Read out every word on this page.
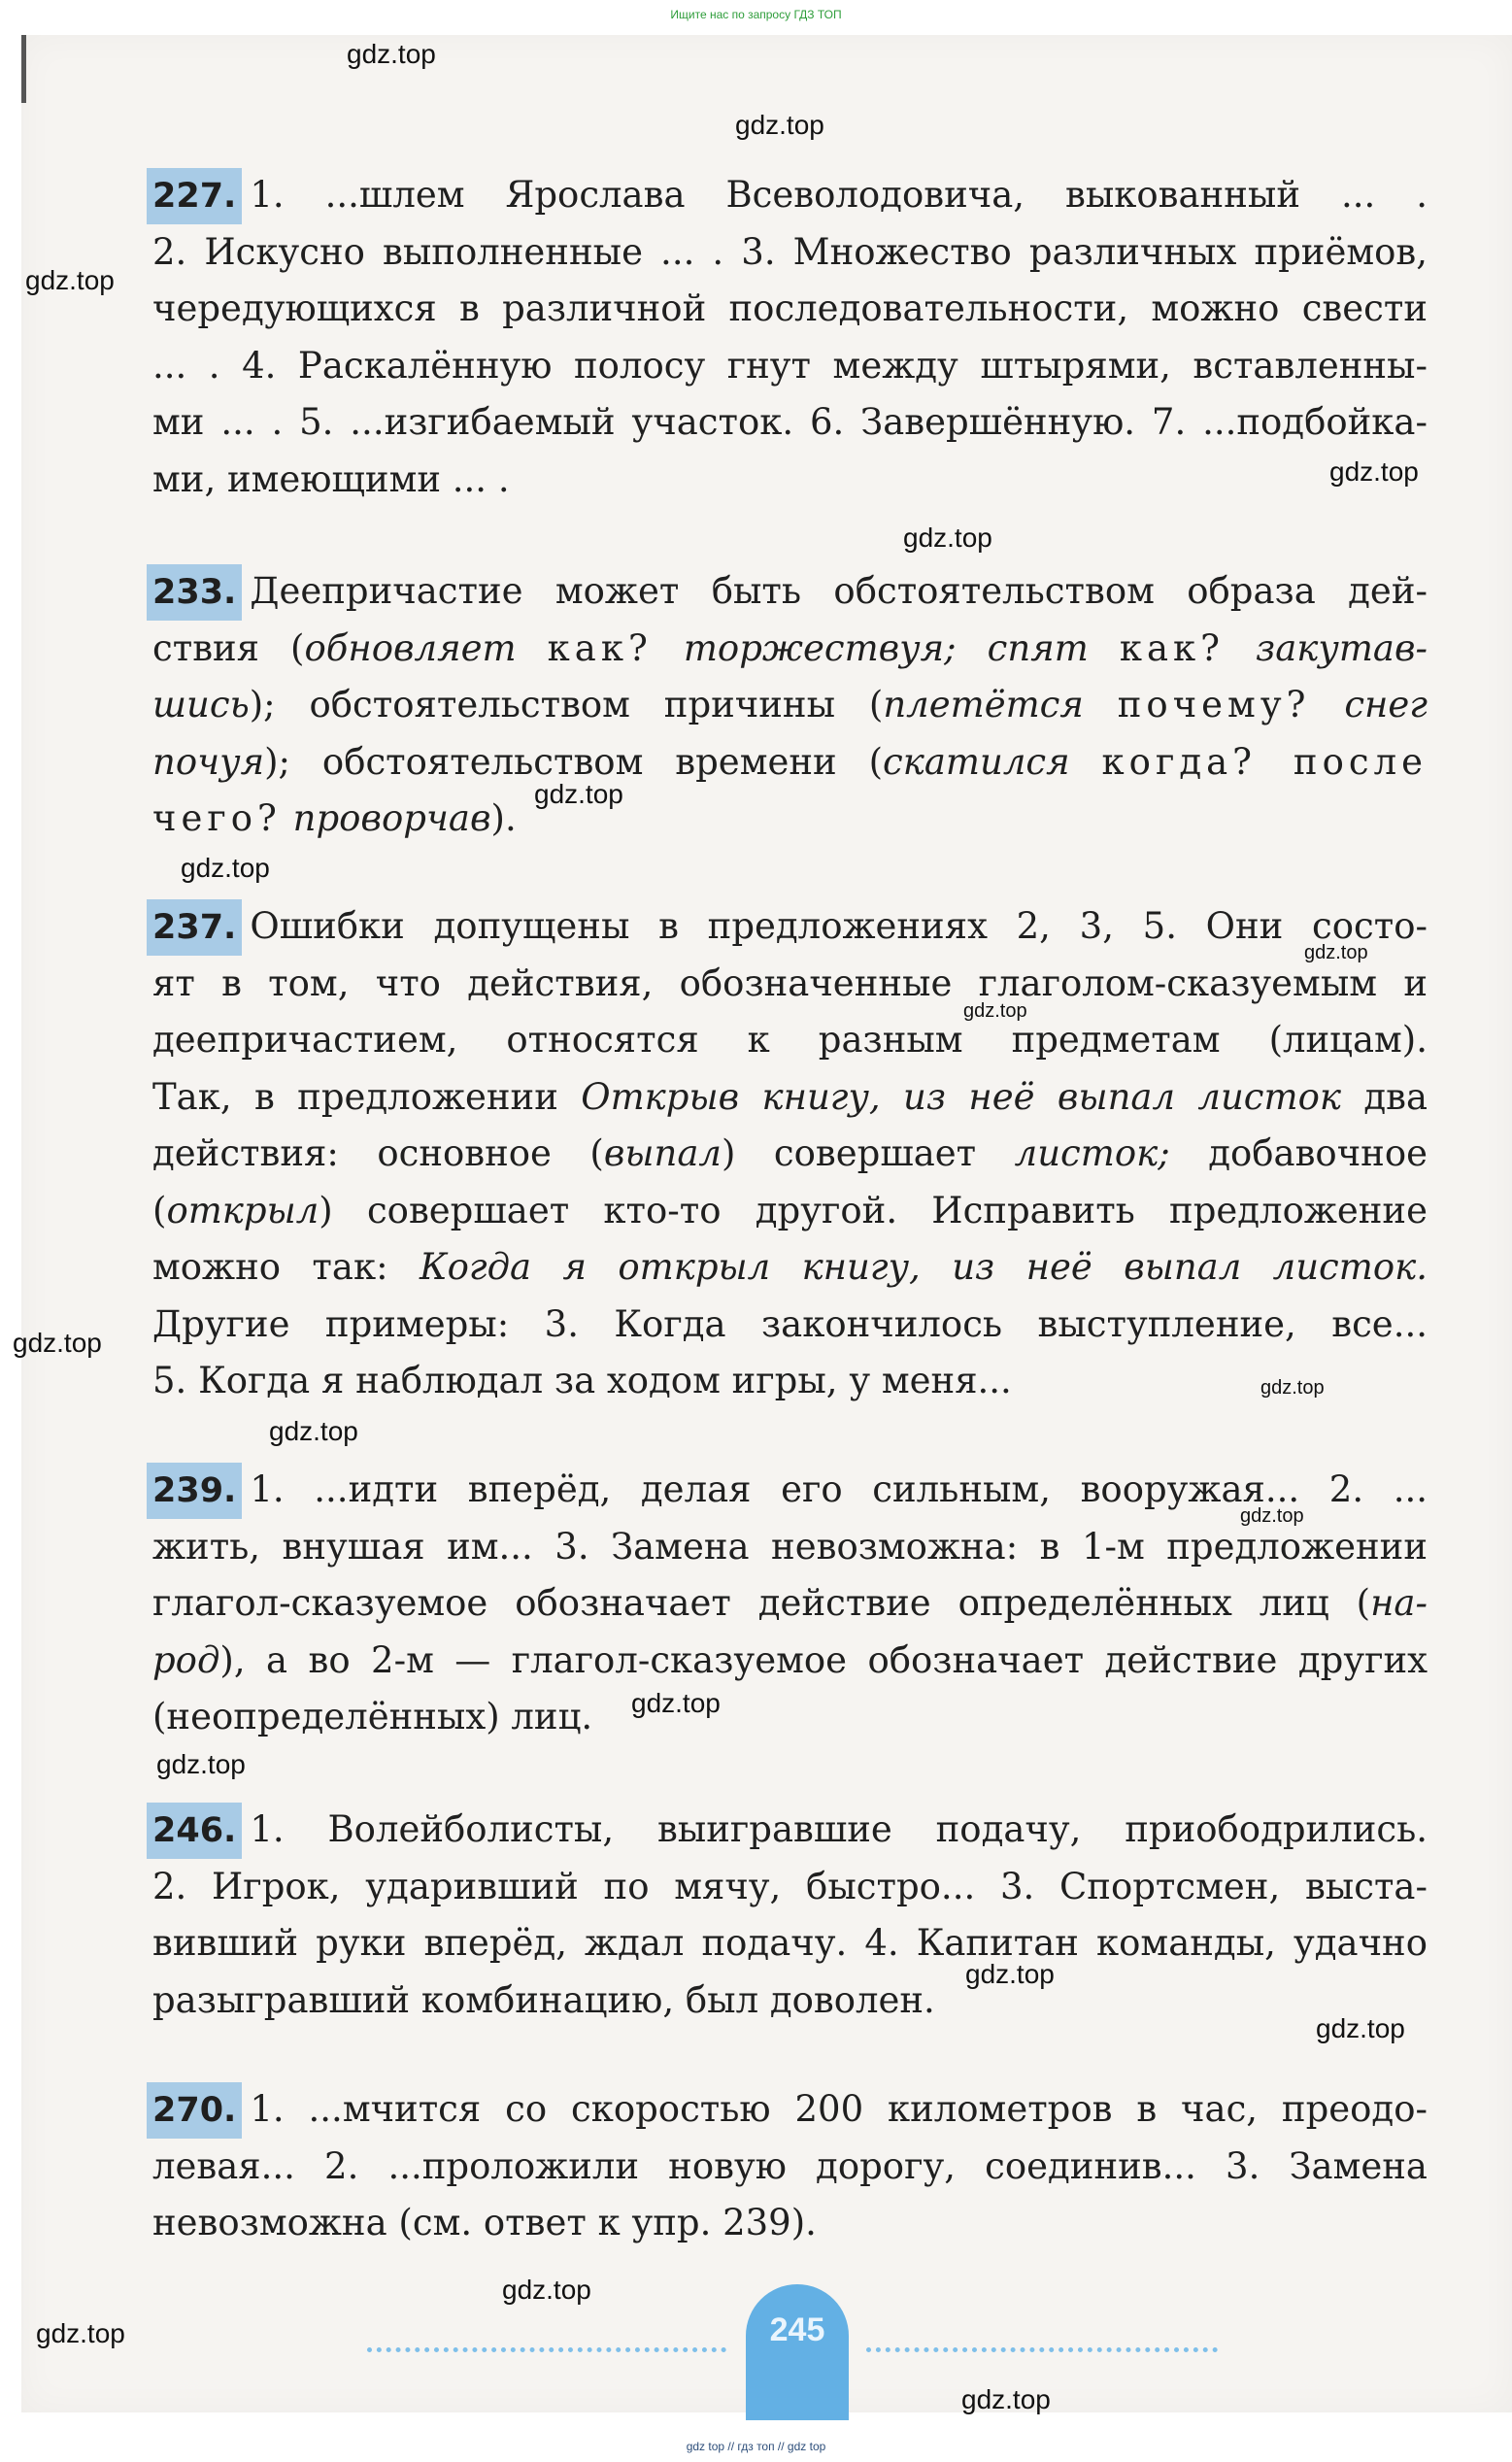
Ищите нас по запросу ГДЗ ТОП
227. 1. ...шлем Ярослава Всеволодовича, выкованный ... .
2. Искусно выполненные ... . 3. Множество различных приёмов,
чередующихся в различной последовательности, можно свести
... . 4. Раскалённую полосу гнут между штырями, вставленны-
ми ... . 5. ...изгибаемый участок. 6. Завершённую. 7. ...подбойка-
ми, имеющими ... .
233. Деепричастие может быть обстоятельством образа дей-
ствия (обновляет как? торжествуя; спят как? закутав-
шись); обстоятельством причины (плетётся почему? снег
почуя); обстоятельством времени (скатился когда? после
чего? проворчав).
237. Ошибки допущены в предложениях 2, 3, 5. Они состо-
ят в том, что действия, обозначенные глаголом-сказуемым и
деепричастием, относятся к разным предметам (лицам).
Так, в предложении Открыв книгу, из неё выпал листок два
действия: основное (выпал) совершает листок; добавочное
(открыл) совершает кто-то другой. Исправить предложение
можно так: Когда я открыл книгу, из неё выпал листок.
Другие примеры: 3. Когда закончилось выступление, все...
5. Когда я наблюдал за ходом игры, у меня...
239. 1. ...идти вперёд, делая его сильным, вооружая... 2. ...
жить, внушая им... 3. Замена невозможна: в 1-м предложении
глагол-сказуемое обозначает действие определённых лиц (на-
род), а во 2-м — глагол-сказуемое обозначает действие других
(неопределённых) лиц.
246. 1. Волейболисты, выигравшие подачу, приободрились.
2. Игрок, ударивший по мячу, быстро... 3. Спортсмен, выста-
вивший руки вперёд, ждал подачу. 4. Капитан команды, удачно
разыгравший комбинацию, был доволен.
270. 1. ...мчится со скоростью 200 километров в час, преодо-
левая... 2. ...проложили новую дорогу, соединив... 3. Замена
невозможна (см. ответ к упр. 239).
245
gdz.top
gdz.top
gdz.top
gdz.top
gdz.top
gdz.top
gdz.top
gdz.top
gdz.top
gdz.top
gdz.top
gdz.top
gdz.top
gdz.top
gdz.top
gdz.top
gdz.top
gdz.top
gdz.top
gdz.top
gdz top // гдз топ // gdz top
